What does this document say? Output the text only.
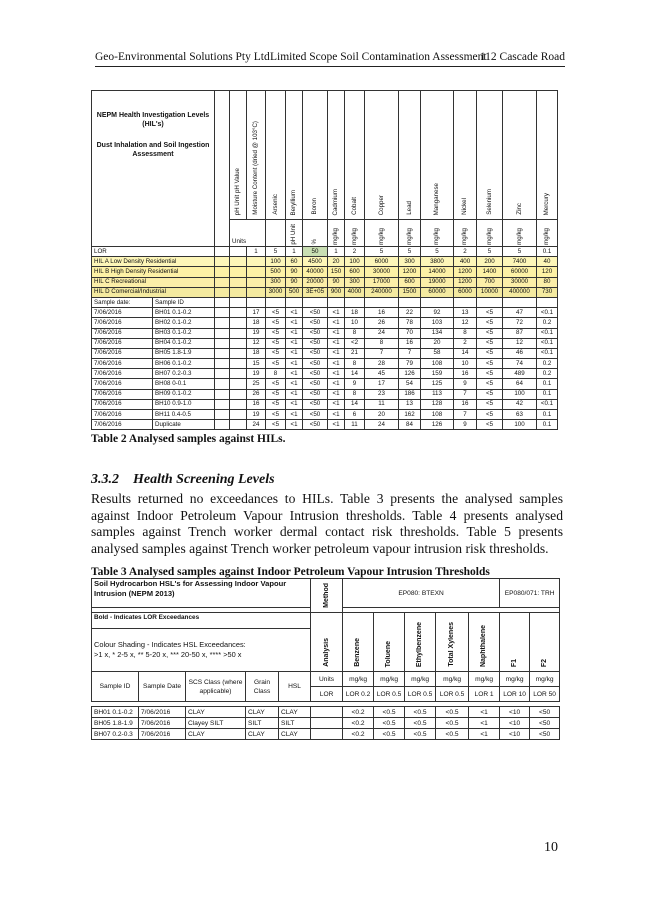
Geo-Environmental Solutions Pty Ltd Limited Scope Soil Contamination Assessment
112 Cascade Road
NEPM Health Investigation Levels (HIL's)
Dust Inhalation and Soil Ingestion Assessment			pH Unit pH Value	Moisture Content (dried @ 103°C)	Arsenic	Beryllium	Boron	Cadmium	Cobalt	Copper	Lead	Manganese	Nickel	Selenium	Zinc	Mercury	

			Units			pH Unit	%	mg/kg	mg/kg	mg/kg	mg/kg	mg/kg	mg/kg	mg/kg	mg/kg	mg/kg

LOR				1	5	1	50	1	2	5	5	5	2	5	5	0.1	
HIL A Low Density Residential					100	60	4500	20	100	6000	300	3800	400	200	7400	40	
HIL B High Density Residential					500	90	40000	150	600	30000	1200	14000	1200	1400	60000	120	
HIL C Recreational					300	90	20000	90	300	17000	600	19000	1200	700	30000	80	
HIL D Comercial/Industrial					3000	500	3E+05	900	4000	240000	1500	60000	6000	10000	400000	730	
Sample date:	Sample ID																
7/06/2016	BH01 0.1-0.2			17	<5	<1	<50	<1	18	16	22	92	13	<5	47	<0.1	
7/06/2016	BH02 0.1-0.2			18	<5	<1	<50	<1	10	26	78	103	12	<5	72	0.2	
7/06/2016	BH03 0.1-0.2			19	<5	<1	<50	<1	8	24	70	134	8	<5	87	<0.1	
7/06/2016	BH04 0.1-0.2			12	<5	<1	<50	<1	<2	8	16	20	2	<5	12	<0.1	
7/06/2016	BH05 1.8-1.9			18	<5	<1	<50	<1	21	7	7	58	14	<5	46	<0.1	
7/06/2016	BH06 0.1-0.2			15	<5	<1	<50	<1	8	28	79	108	10	<5	74	0.2	
7/06/2016	BH07 0.2-0.3			19	8	<1	<50	<1	14	45	126	159	16	<5	489	0.2	
7/06/2016	BH08 0-0.1			25	<5	<1	<50	<1	9	17	54	125	9	<5	64	0.1	
7/06/2016	BH09 0.1-0.2			26	<5	<1	<50	<1	8	23	186	113	7	<5	100	0.1	
7/06/2016	BH10 0.9-1.0			16	<5	<1	<50	<1	14	11	13	128	16	<5	42	<0.1	
7/06/2016	BH11 0.4-0.5			19	<5	<1	<50	<1	6	20	162	108	7	<5	63	0.1	
7/06/2016	Duplicate			24	<5	<1	<50	<1	11	24	84	126	9	<5	100	0.1	
Table 2 Analysed samples against HILs.
3.3.2 Health Screening Levels
Results returned no exceedances to HILs. Table 3 presents the analysed samples against Indoor Petroleum Vapour Intrusion thresholds. Table 4 presents analysed samples against Trench worker dermal contact risk thresholds. Table 5 presents analysed samples against Trench worker petroleum vapour intrusion risk thresholds.
Table 3 Analysed samples against Indoor Petroleum Vapour Intrusion Thresholds
Soil Hydrocarbon HSL's for Assessing Indoor Vapour Intrusion (NEPM 2013)					Method	EP080: BTEXN					EP080/071: TRH	

Bold - Indicates LOR Exceedances					Analysis	Benzene	Toluene	Ethylbenzene	Total Xylenes	Naphthalene	F1	F2

Colour Shading - Indicates HSL Exceedances:
>1 x, * 2-5 x, ** 5-20 x, *** 20-50 x, **** >50 x												

Sample ID	Sample Date	SCS Class (where applicable)	Grain Class	HSL	Units	mg/kg	mg/kg	mg/kg	mg/kg	mg/kg	mg/kg	mg/kg
					LOR	LOR 0.2	LOR 0.5	LOR 0.5	LOR 0.5	LOR 1	LOR 10	LOR 50

BH01 0.1-0.2	7/06/2016	CLAY	CLAY	CLAY		<0.2	<0.5	<0.5	<0.5	<1	<10	<50
BH05 1.8-1.9	7/06/2016	Clayey SILT	SILT	SILT		<0.2	<0.5	<0.5	<0.5	<1	<10	<50
BH07 0.2-0.3	7/06/2016	CLAY	CLAY	CLAY		<0.2	<0.5	<0.5	<0.5	<1	<10	<50
10
